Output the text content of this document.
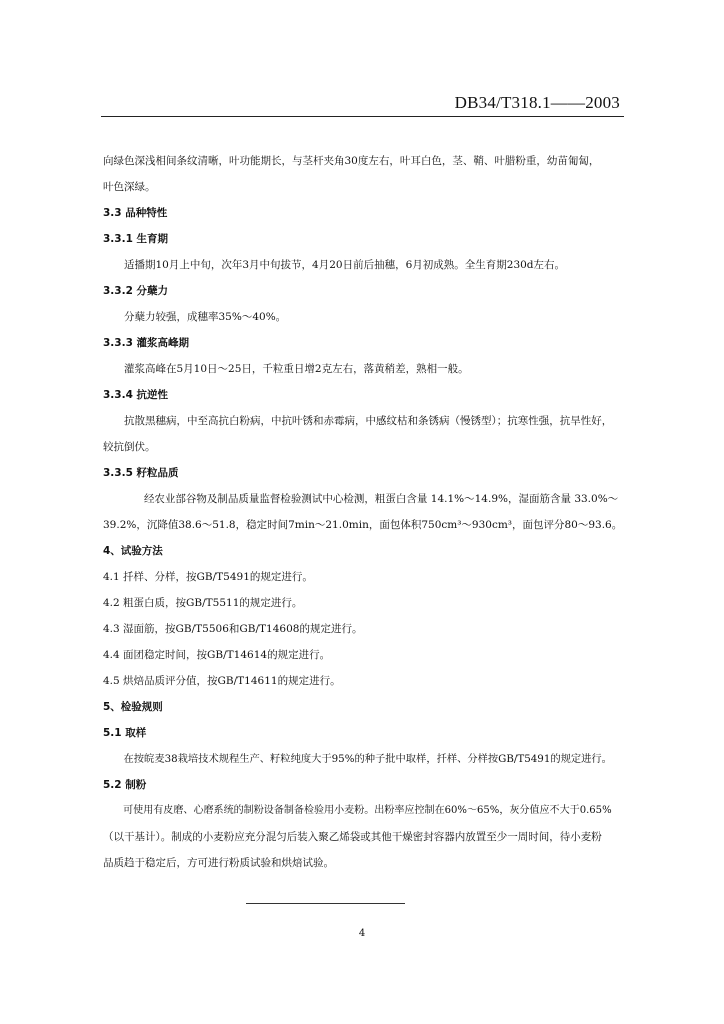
DB34/T318.1——2003

向绿色深浅相间条纹清晰，叶功能期长，与茎杆夹角30度左右，叶耳白色，茎、鞘、叶腊粉重，幼苗匍匐，
叶色深绿。

3.3 品种特性

3.3.1 生育期

适播期10月上中旬，次年3月中旬拔节，4月20日前后抽穗，6月初成熟。全生育期230d左右。

3.3.2 分蘖力

分蘖力较强，成穗率35%～40%。

3.3.3 灌浆高峰期

灌浆高峰在5月10日～25日，千粒重日增2克左右，落黄稍差，熟相一般。

3.3.4 抗逆性

抗散黑穗病，中至高抗白粉病，中抗叶锈和赤霉病，中感纹枯和条锈病（慢锈型）；抗寒性强，抗旱性好，
较抗倒伏。

3.3.5 籽粒品质

经农业部谷物及制品质量监督检验测试中心检测，粗蛋白含量 14.1%～14.9%，湿面筋含量 33.0%～
39.2%，沉降值38.6～51.8，稳定时间7min～21.0min，面包体积750cm³～930cm³，面包评分80～93.6。

4、试验方法

4.1 扦样、分样，按GB/T5491的规定进行。

4.2 粗蛋白质，按GB/T5511的规定进行。

4.3 湿面筋，按GB/T5506和GB/T14608的规定进行。

4.4 面团稳定时间，按GB/T14614的规定进行。

4.5 烘焙品质评分值，按GB/T14611的规定进行。

5、检验规则

5.1 取样

在按皖麦38栽培技术规程生产、籽粒纯度大于95%的种子批中取样，扦样、分样按GB/T5491的规定进行。

5.2 制粉

可使用有皮磨、心磨系统的制粉设备制备检验用小麦粉。出粉率应控制在60%～65%，灰分值应不大于0.65%
（以干基计）。制成的小麦粉应充分混匀后装入聚乙烯袋或其他干燥密封容器内放置至少一周时间，待小麦粉
品质趋于稳定后，方可进行粉质试验和烘焙试验。

4
